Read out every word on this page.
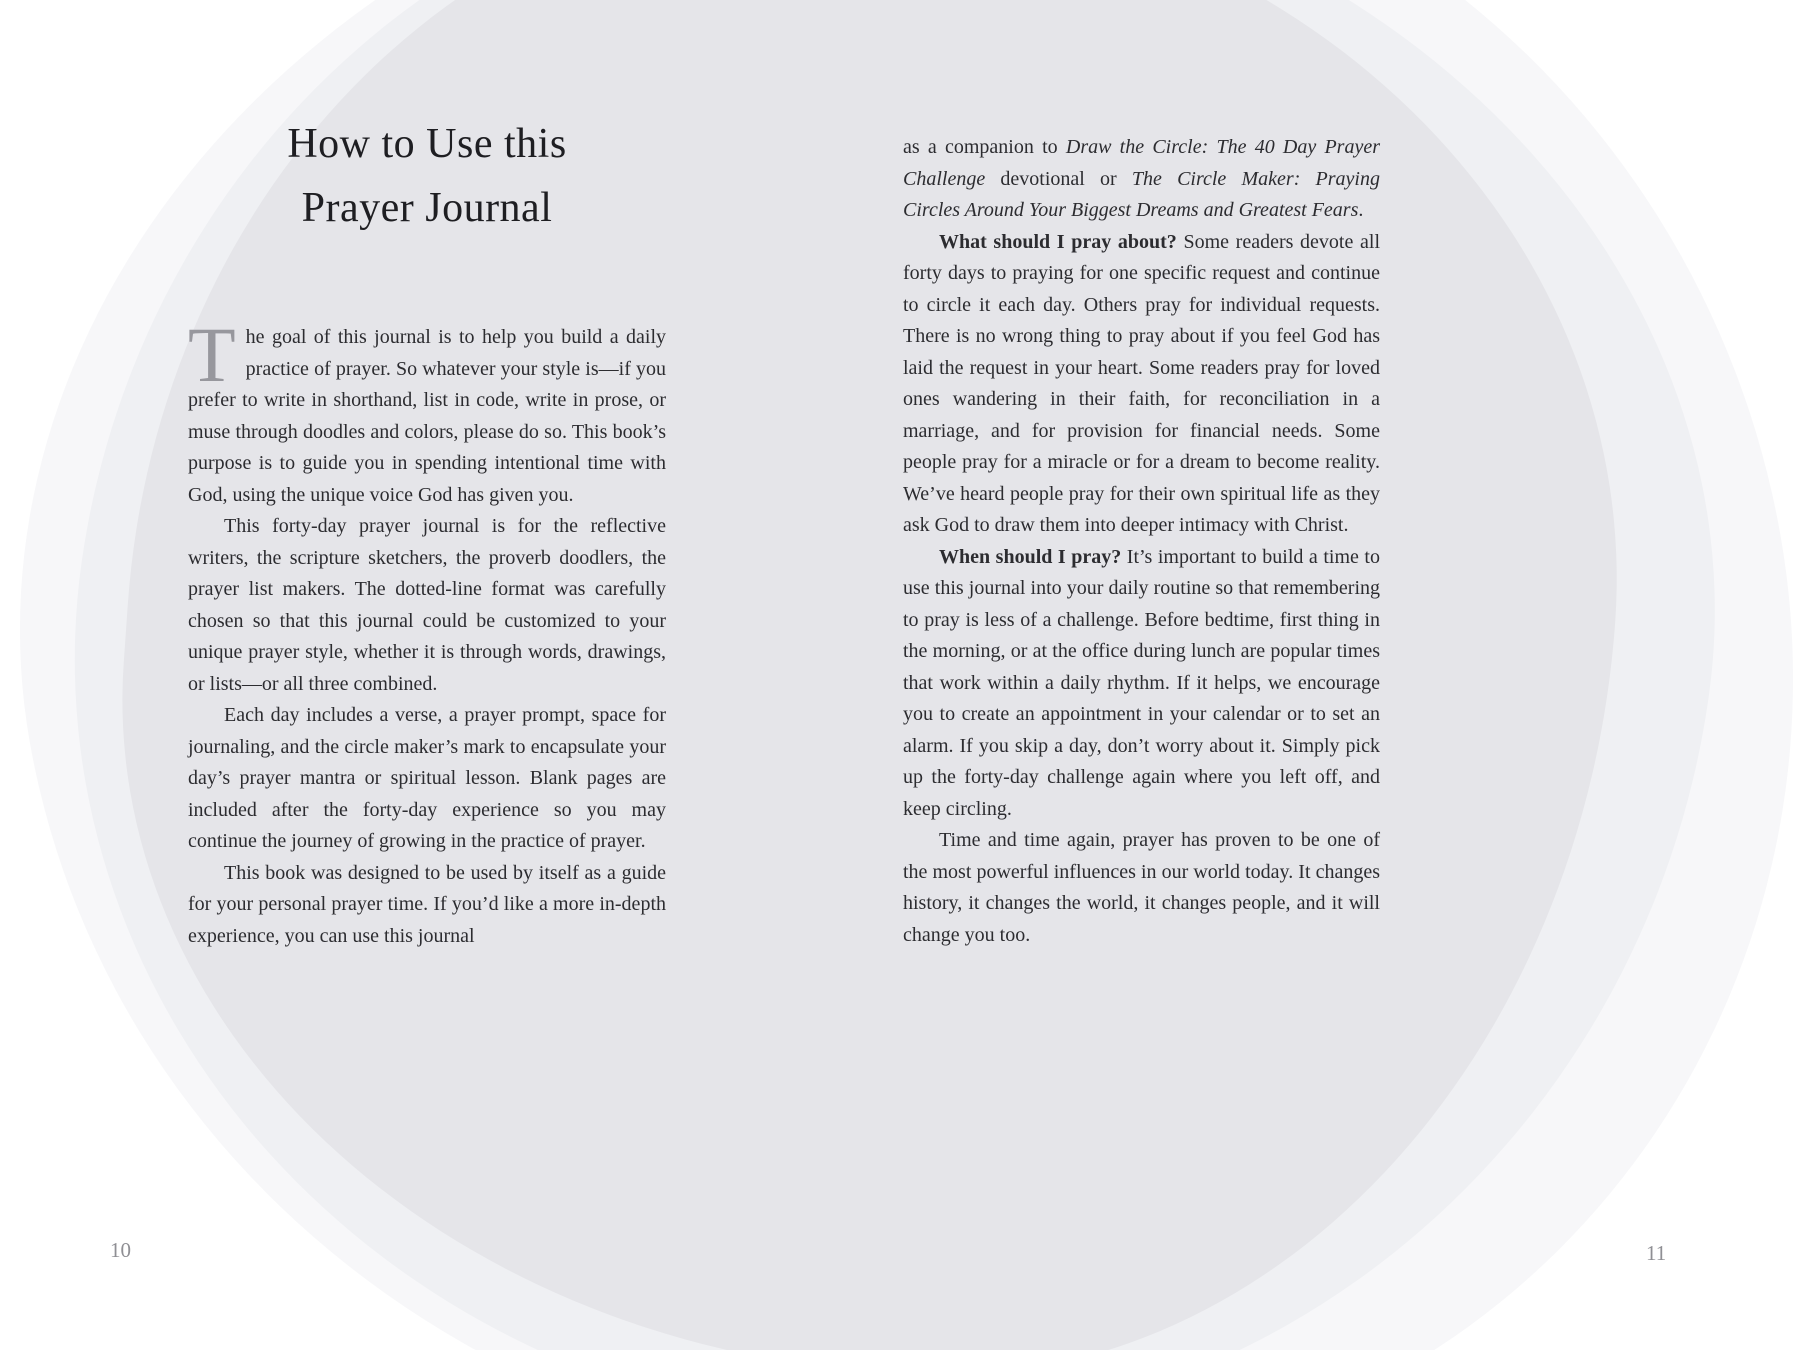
How to Use this
Prayer Journal

The goal of this journal is to help you build a daily practice of prayer. So whatever your style is—if you prefer to write in shorthand, list in code, write in prose, or muse through doodles and colors, please do so. This book’s purpose is to guide you in spending intentional time with God, using the unique voice God has given you.

This forty-day prayer journal is for the reflective writers, the scripture sketchers, the proverb doodlers, the prayer list makers. The dotted-line format was carefully chosen so that this journal could be customized to your unique prayer style, whether it is through words, drawings, or lists—or all three combined.

Each day includes a verse, a prayer prompt, space for journaling, and the circle maker’s mark to encapsulate your day’s prayer mantra or spiritual lesson. Blank pages are included after the forty-day experience so you may continue the journey of growing in the practice of prayer.

This book was designed to be used by itself as a guide for your personal prayer time. If you’d like a more in-depth experience, you can use this journal

as a companion to Draw the Circle: The 40 Day Prayer Challenge devotional or The Circle Maker: Praying Circles Around Your Biggest Dreams and Greatest Fears.

What should I pray about? Some readers devote all forty days to praying for one specific request and continue to circle it each day. Others pray for individual requests. There is no wrong thing to pray about if you feel God has laid the request in your heart. Some readers pray for loved ones wandering in their faith, for reconciliation in a marriage, and for provision for financial needs. Some people pray for a miracle or for a dream to become reality. We’ve heard people pray for their own spiritual life as they ask God to draw them into deeper intimacy with Christ.

When should I pray? It’s important to build a time to use this journal into your daily routine so that remembering to pray is less of a challenge. Before bedtime, first thing in the morning, or at the office during lunch are popular times that work within a daily rhythm. If it helps, we encourage you to create an appointment in your calendar or to set an alarm. If you skip a day, don’t worry about it. Simply pick up the forty-day challenge again where you left off, and keep circling.

Time and time again, prayer has proven to be one of the most powerful influences in our world today. It changes history, it changes the world, it changes people, and it will change you too.

10	11
